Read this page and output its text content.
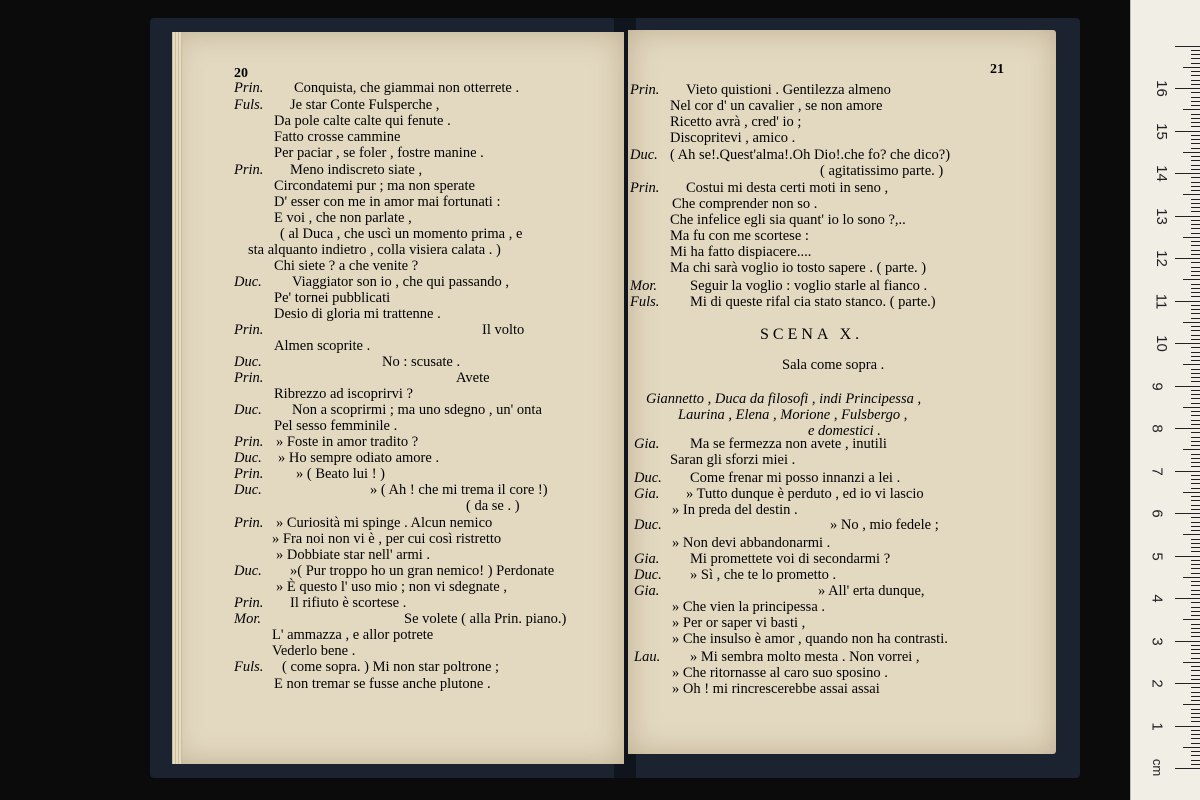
20	21
Prin. Conquista, che giammai non otterrete .
Fuls. Je star Conte Fulsperche ,
Da pole calte calte qui fenute .
Fatto crosse cammine
Per paciar , se foler , fostre manine .
Prin. Meno indiscreto siate ,
Circondatemi pur ; ma non sperate
D' esser con me in amor mai fortunati :
E voi , che non parlate ,
( al Duca , che uscì un momento prima , e
sta alquanto indietro , colla visiera calata . )
Chi siete ? a che venite ?
Duc. Viaggiator son io , che qui passando ,
Pe' tornei pubblicati
Desio di gloria mi trattenne .
Prin.	Il volto
Almen scoprite .
Duc.	No : scusate .
Prin.	Avete
Ribrezzo ad iscoprirvi ?
Duc. Non a scoprirmi ; ma uno sdegno , un' onta
Pel sesso femminile .
Prin. » Foste in amor tradito ?
Duc. » Ho sempre odiato amore .
Prin. » ( Beato lui ! )
Duc.	» ( Ah ! che mi trema il core !)
( da se . )
Prin. » Curiosità mi spinge . Alcun nemico
» Fra noi non vi è , per cui così ristretto
» Dobbiate star nell' armi .
Duc. »( Pur troppo ho un gran nemico! ) Perdonate
» È questo l' uso mio ; non vi sdegnate ,
Prin. Il rifiuto è scortese .
Mor.	Se volete ( alla Prin. piano.)
L' ammazza , e allor potrete
Vederlo bene .
Fuls. ( come sopra. ) Mi non star poltrone ;
E non tremar se fusse anche plutone .
Prin. Vieto quistioni . Gentilezza almeno
Nel cor d' un cavalier , se non amore
Ricetto avrà , cred' io ;
Discopritevi , amico .
Duc. ( Ah se!.Quest'alma!.Oh Dio!.che fo? che dico?)
( agitatissimo parte. )
Prin. Costui mi desta certi moti in seno ,
Che comprender non so .
Che infelice egli sia quant' io lo sono ?,..
Ma fu con me scortese :
Mi ha fatto dispiacere....
Ma chi sarà voglio io tosto sapere . ( parte. )
Mor. Seguir la voglio : voglio starle al fianco .
Fuls. Mi di queste rifal cia stato stanco. ( parte.)
Gia. Ma se fermezza non avete , inutili
Saran gli sforzi miei .
Duc. Come frenar mi posso innanzi a lei .
Gia. » Tutto dunque è perduto , ed io vi lascio
» In preda del destin .
Duc.	» No , mio fedele ;
» Non devi abbandonarmi .
Gia. Mi promettete voi di secondarmi ?
Duc. » Sì , che te lo prometto .
Gia.	» All' erta dunque,
» Che vien la principessa .
» Per or saper vi basti ,
» Che insulso è amor , quando non ha contrasti.
Lau. » Mi sembra molto mesta . Non vorrei ,
» Che ritornasse al caro suo sposino .
» Oh ! mi rincrescerebbe assai assai
SCENA X.
Sala come sopra .
Giannetto , Duca da filosofi , indi Principessa ,
Laurina , Elena , Morione , Fulsbergo ,
e domestici .
cm
1
2
3
4
5
6
7
8
9
10
11
12
13
14
15
16
